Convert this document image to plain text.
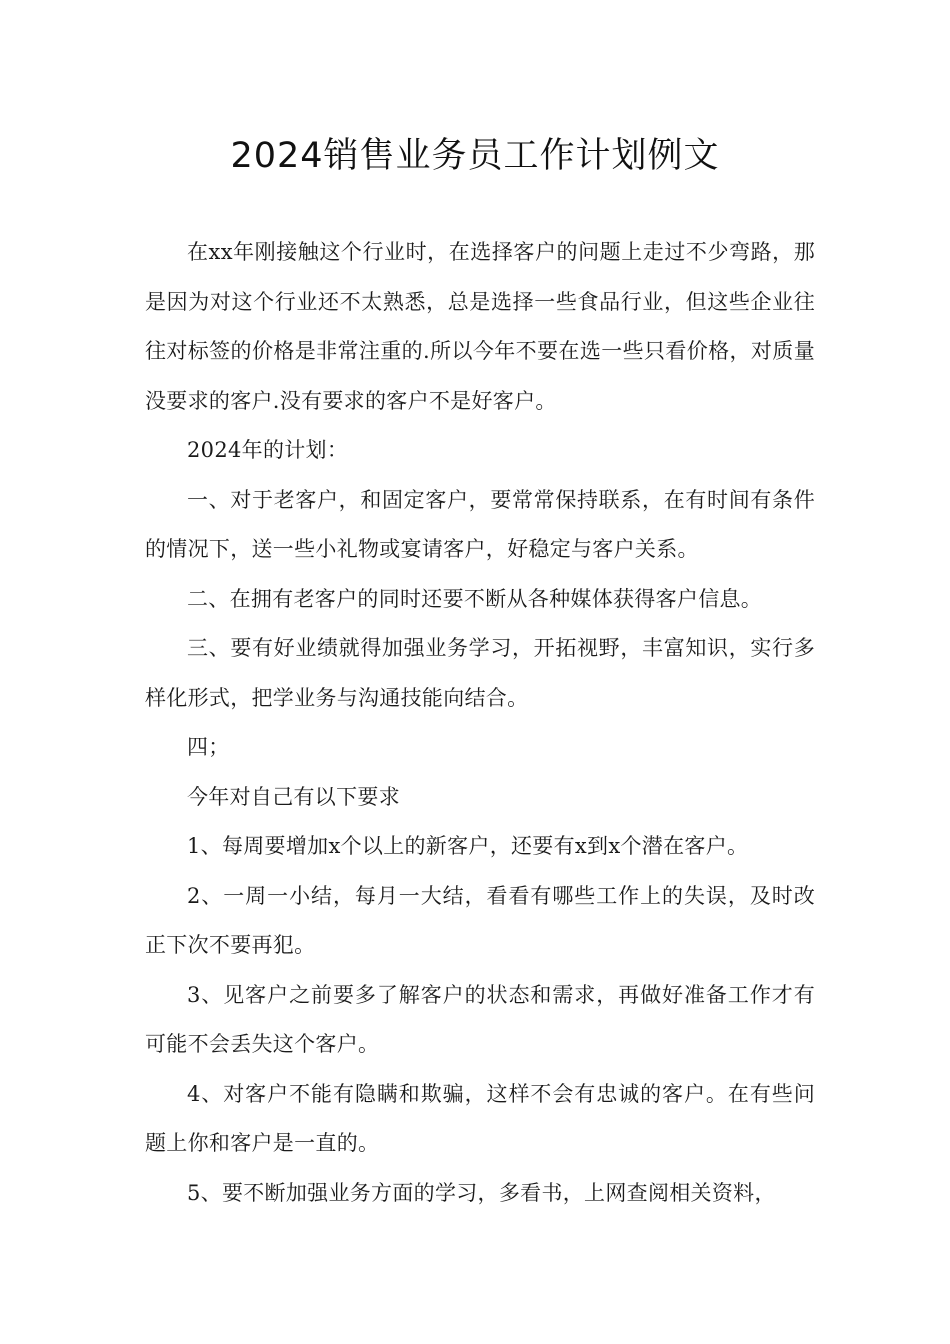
2024销售业务员工作计划例文

在xx年刚接触这个行业时，在选择客户的问题上走过不少弯路，那是因为对这个行业还不太熟悉，总是选择一些食品行业，但这些企业往往对标签的价格是非常注重的.所以今年不要在选一些只看价格，对质量没要求的客户.没有要求的客户不是好客户。

2024年的计划：

一、对于老客户，和固定客户，要常常保持联系，在有时间有条件的情况下，送一些小礼物或宴请客户，好稳定与客户关系。

二、在拥有老客户的同时还要不断从各种媒体获得客户信息。

三、要有好业绩就得加强业务学习，开拓视野，丰富知识，实行多样化形式，把学业务与沟通技能向结合。

四；

今年对自己有以下要求

1、每周要增加x个以上的新客户，还要有x到x个潜在客户。

2、一周一小结，每月一大结，看看有哪些工作上的失误，及时改正下次不要再犯。

3、见客户之前要多了解客户的状态和需求，再做好准备工作才有可能不会丢失这个客户。

4、对客户不能有隐瞒和欺骗，这样不会有忠诚的客户。在有些问题上你和客户是一直的。

5、要不断加强业务方面的学习，多看书，上网查阅相关资料，
